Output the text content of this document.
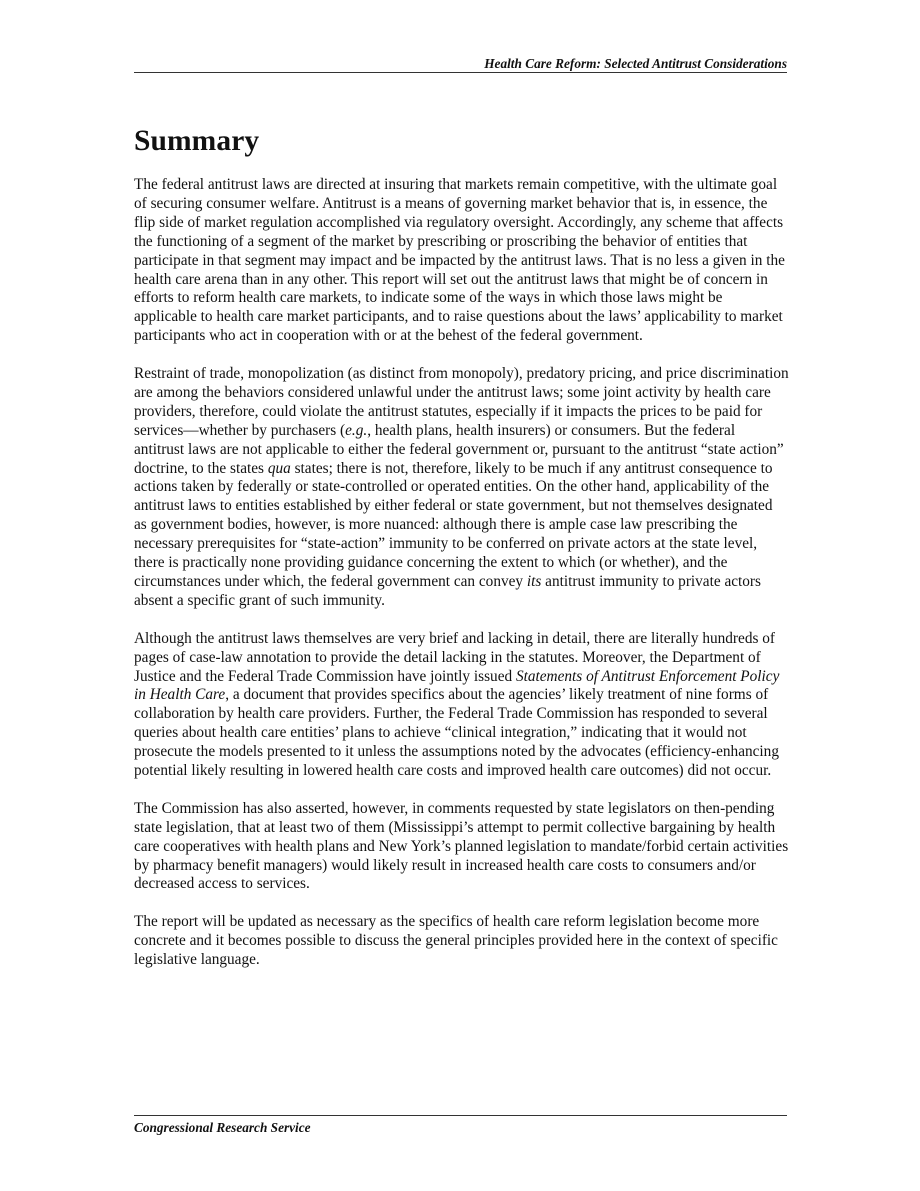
Health Care Reform: Selected Antitrust Considerations
Summary

The federal antitrust laws are directed at insuring that markets remain competitive, with the ultimate goal of securing consumer welfare. Antitrust is a means of governing market behavior that is, in essence, the flip side of market regulation accomplished via regulatory oversight. Accordingly, any scheme that affects the functioning of a segment of the market by prescribing or proscribing the behavior of entities that participate in that segment may impact and be impacted by the antitrust laws. That is no less a given in the health care arena than in any other. This report will set out the antitrust laws that might be of concern in efforts to reform health care markets, to indicate some of the ways in which those laws might be applicable to health care market participants, and to raise questions about the laws’ applicability to market participants who act in cooperation with or at the behest of the federal government.

Restraint of trade, monopolization (as distinct from monopoly), predatory pricing, and price discrimination are among the behaviors considered unlawful under the antitrust laws; some joint activity by health care providers, therefore, could violate the antitrust statutes, especially if it impacts the prices to be paid for services—whether by purchasers (e.g., health plans, health insurers) or consumers. But the federal antitrust laws are not applicable to either the federal government or, pursuant to the antitrust “state action” doctrine, to the states qua states; there is not, therefore, likely to be much if any antitrust consequence to actions taken by federally or state-controlled or operated entities. On the other hand, applicability of the antitrust laws to entities established by either federal or state government, but not themselves designated as government bodies, however, is more nuanced: although there is ample case law prescribing the necessary prerequisites for “state-action” immunity to be conferred on private actors at the state level, there is practically none providing guidance concerning the extent to which (or whether), and the circumstances under which, the federal government can convey its antitrust immunity to private actors absent a specific grant of such immunity.

Although the antitrust laws themselves are very brief and lacking in detail, there are literally hundreds of pages of case-law annotation to provide the detail lacking in the statutes. Moreover, the Department of Justice and the Federal Trade Commission have jointly issued Statements of Antitrust Enforcement Policy in Health Care, a document that provides specifics about the agencies’ likely treatment of nine forms of collaboration by health care providers. Further, the Federal Trade Commission has responded to several queries about health care entities’ plans to achieve “clinical integration,” indicating that it would not prosecute the models presented to it unless the assumptions noted by the advocates (efficiency-enhancing potential likely resulting in lowered health care costs and improved health care outcomes) did not occur.

The Commission has also asserted, however, in comments requested by state legislators on then-pending state legislation, that at least two of them (Mississippi’s attempt to permit collective bargaining by health care cooperatives with health plans and New York’s planned legislation to mandate/forbid certain activities by pharmacy benefit managers) would likely result in increased health care costs to consumers and/or decreased access to services.

The report will be updated as necessary as the specifics of health care reform legislation become more concrete and it becomes possible to discuss the general principles provided here in the context of specific legislative language.

Congressional Research Service
